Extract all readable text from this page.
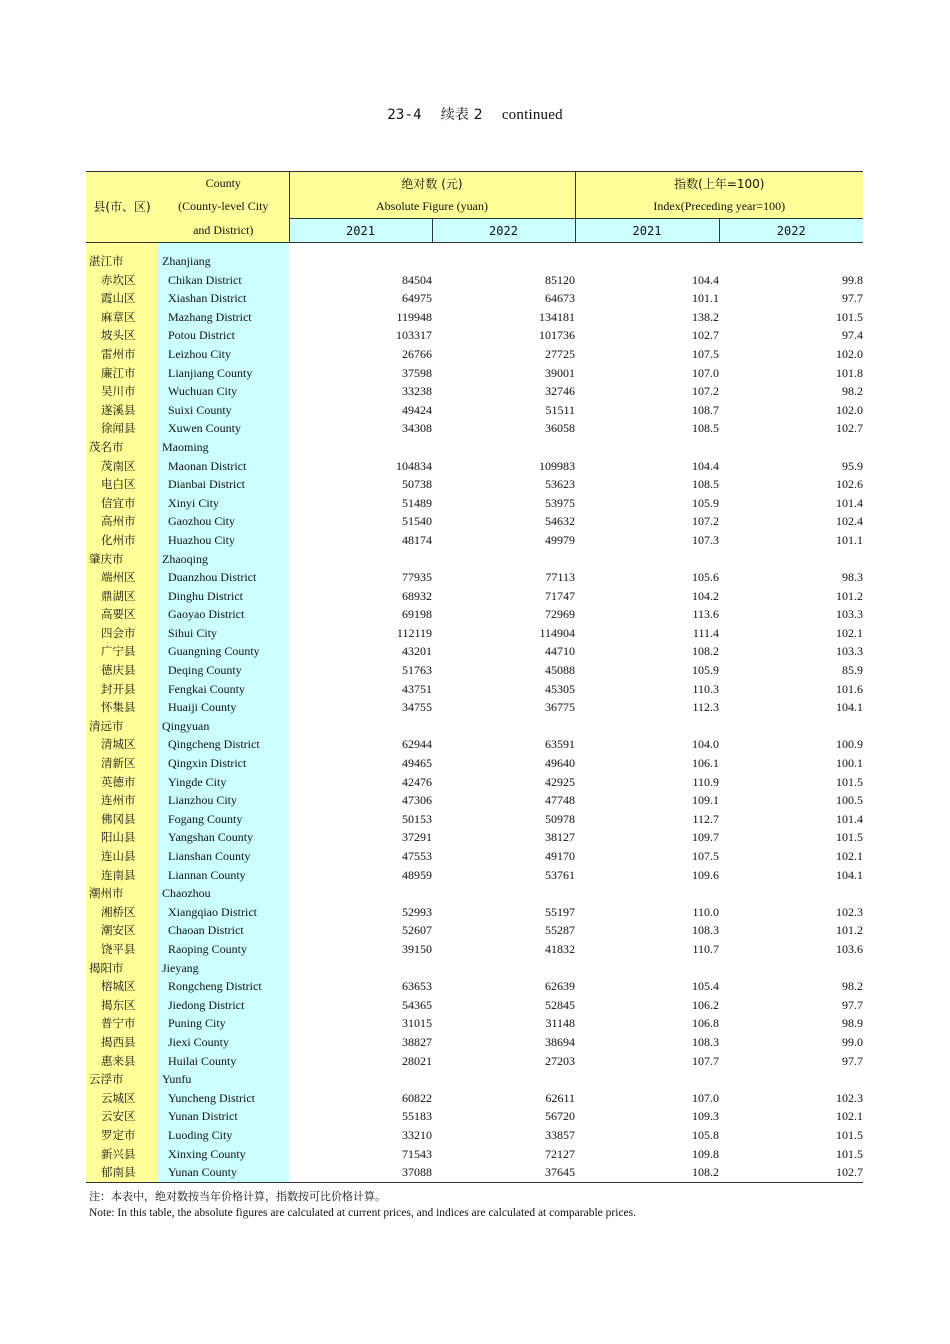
23-4 续表 2 continued
	County	绝对数 (元)		指数(上年=100)	
县(市、区)	(County-level City	Absolute Figure (yuan)		Index(Preceding year=100)	
	and District)	2021	2022	2021	2022

湛江市	Zhanjiang				
赤坎区	Chikan District	84504	85120	104.4	99.8
霞山区	Xiashan District	64975	64673	101.1	97.7
麻章区	Mazhang District	119948	134181	138.2	101.5
坡头区	Potou District	103317	101736	102.7	97.4
雷州市	Leizhou City	26766	27725	107.5	102.0
廉江市	Lianjiang County	37598	39001	107.0	101.8
吴川市	Wuchuan City	33238	32746	107.2	98.2
遂溪县	Suixi County	49424	51511	108.7	102.0
徐闻县	Xuwen County	34308	36058	108.5	102.7
茂名市	Maoming				
茂南区	Maonan District	104834	109983	104.4	95.9
电白区	Dianbai District	50738	53623	108.5	102.6
信宜市	Xinyi City	51489	53975	105.9	101.4
高州市	Gaozhou City	51540	54632	107.2	102.4
化州市	Huazhou City	48174	49979	107.3	101.1
肇庆市	Zhaoqing				
端州区	Duanzhou District	77935	77113	105.6	98.3
鼎湖区	Dinghu District	68932	71747	104.2	101.2
高要区	Gaoyao District	69198	72969	113.6	103.3
四会市	Sihui City	112119	114904	111.4	102.1
广宁县	Guangning County	43201	44710	108.2	103.3
德庆县	Deqing County	51763	45088	105.9	85.9
封开县	Fengkai County	43751	45305	110.3	101.6
怀集县	Huaiji County	34755	36775	112.3	104.1
清远市	Qingyuan				
清城区	Qingcheng District	62944	63591	104.0	100.9
清新区	Qingxin District	49465	49640	106.1	100.1
英德市	Yingde City	42476	42925	110.9	101.5
连州市	Lianzhou City	47306	47748	109.1	100.5
佛冈县	Fogang County	50153	50978	112.7	101.4
阳山县	Yangshan County	37291	38127	109.7	101.5
连山县	Lianshan County	47553	49170	107.5	102.1
连南县	Liannan County	48959	53761	109.6	104.1
潮州市	Chaozhou				
湘桥区	Xiangqiao District	52993	55197	110.0	102.3
潮安区	Chaoan District	52607	55287	108.3	101.2
饶平县	Raoping County	39150	41832	110.7	103.6
揭阳市	Jieyang				
榕城区	Rongcheng District	63653	62639	105.4	98.2
揭东区	Jiedong District	54365	52845	106.2	97.7
普宁市	Puning City	31015	31148	106.8	98.9
揭西县	Jiexi County	38827	38694	108.3	99.0
惠来县	Huilai County	28021	27203	107.7	97.7
云浮市	Yunfu				
云城区	Yuncheng District	60822	62611	107.0	102.3
云安区	Yunan District	55183	56720	109.3	102.1
罗定市	Luoding City	33210	33857	105.8	101.5
新兴县	Xinxing County	71543	72127	109.8	101.5
郁南县	Yunan County	37088	37645	108.2	102.7
注：本表中，绝对数按当年价格计算，指数按可比价格计算。
Note: In this table, the absolute figures are calculated at current prices, and indices are calculated at comparable prices.
